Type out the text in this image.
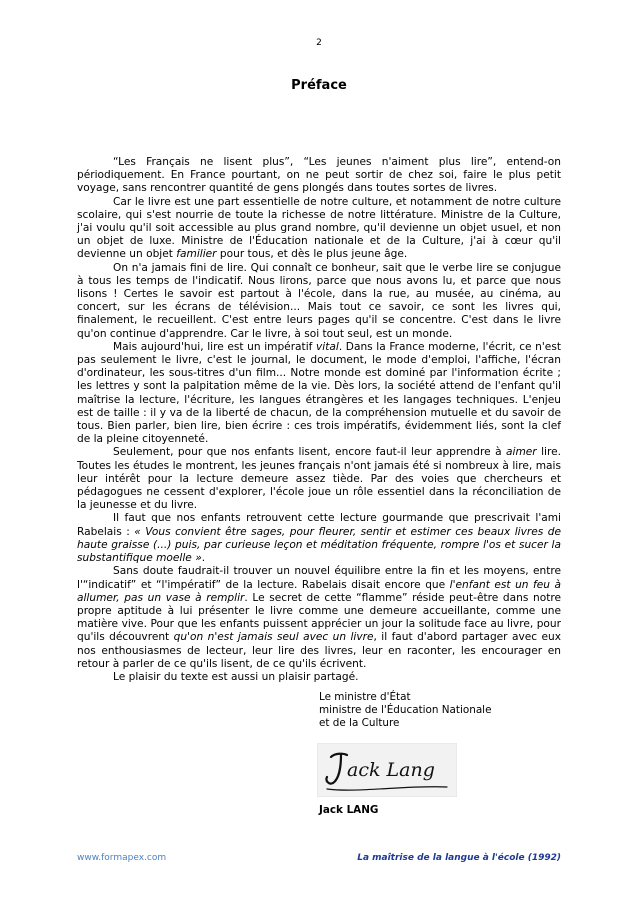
2
Préface

“Les Français ne lisent plus”, “Les jeunes n'aiment plus lire”, entend-on périodiquement. En France pourtant, on ne peut sortir de chez soi, faire le plus petit voyage, sans rencontrer quantité de gens plongés dans toutes sortes de livres.

Car le livre est une part essentielle de notre culture, et notamment de notre culture scolaire, qui s'est nourrie de toute la richesse de notre littérature. Ministre de la Culture, j'ai voulu qu'il soit accessible au plus grand nombre, qu'il devienne un objet usuel, et non un objet de luxe. Ministre de l'Éducation nationale et de la Culture, j'ai à cœur qu'il devienne un objet familier pour tous, et dès le plus jeune âge.

On n'a jamais fini de lire. Qui connaît ce bonheur, sait que le verbe lire se conjugue à tous les temps de l'indicatif. Nous lirons, parce que nous avons lu, et parce que nous lisons ! Certes le savoir est partout à l'école, dans la rue, au musée, au cinéma, au concert, sur les écrans de télévision... Mais tout ce savoir, ce sont les livres qui, finalement, le recueillent. C'est entre leurs pages qu'il se concentre. C'est dans le livre qu'on continue d'apprendre. Car le livre, à soi tout seul, est un monde.

Mais aujourd'hui, lire est un impératif vital. Dans la France moderne, l'écrit, ce n'est pas seulement le livre, c'est le journal, le document, le mode d'emploi, l'affiche, l'écran d'ordinateur, les sous-titres d'un film... Notre monde est dominé par l'information écrite ; les lettres y sont la palpitation même de la vie. Dès lors, la société attend de l'enfant qu'il maîtrise la lecture, l'écriture, les langues étrangères et les langages techniques. L'enjeu est de taille : il y va de la liberté de chacun, de la compréhension mutuelle et du savoir de tous. Bien parler, bien lire, bien écrire : ces trois impératifs, évidemment liés, sont la clef de la pleine citoyenneté.

Seulement, pour que nos enfants lisent, encore faut-il leur apprendre à aimer lire. Toutes les études le montrent, les jeunes français n'ont jamais été si nombreux à lire, mais leur intérêt pour la lecture demeure assez tiède. Par des voies que chercheurs et pédagogues ne cessent d'explorer, l'école joue un rôle essentiel dans la réconciliation de la jeunesse et du livre.

Il faut que nos enfants retrouvent cette lecture gourmande que prescrivait l'ami Rabelais : « Vous convient être sages, pour fleurer, sentir et estimer ces beaux livres de haute graisse (...) puis, par curieuse leçon et méditation fréquente, rompre l'os et sucer la substantifique moelle ».

Sans doute faudrait-il trouver un nouvel équilibre entre la fin et les moyens, entre l'“indicatif” et “l'impératif” de la lecture. Rabelais disait encore que l'enfant est un feu à allumer, pas un vase à remplir. Le secret de cette “flamme” réside peut-être dans notre propre aptitude à lui présenter le livre comme une demeure accueillante, comme une matière vive. Pour que les enfants puissent apprécier un jour la solitude face au livre, pour qu'ils découvrent qu'on n'est jamais seul avec un livre, il faut d'abord partager avec eux nos enthousiasmes de lecteur, leur lire des livres, leur en raconter, les encourager en retour à parler de ce qu'ils lisent, de ce qu'ils écrivent.

Le plaisir du texte est aussi un plaisir partagé.

Le ministre d'État
ministre de l'Éducation Nationale
et de la Culture
ack Lang
Jack LANG
www.formapex.com	La maîtrise de la langue à l'école (1992)
